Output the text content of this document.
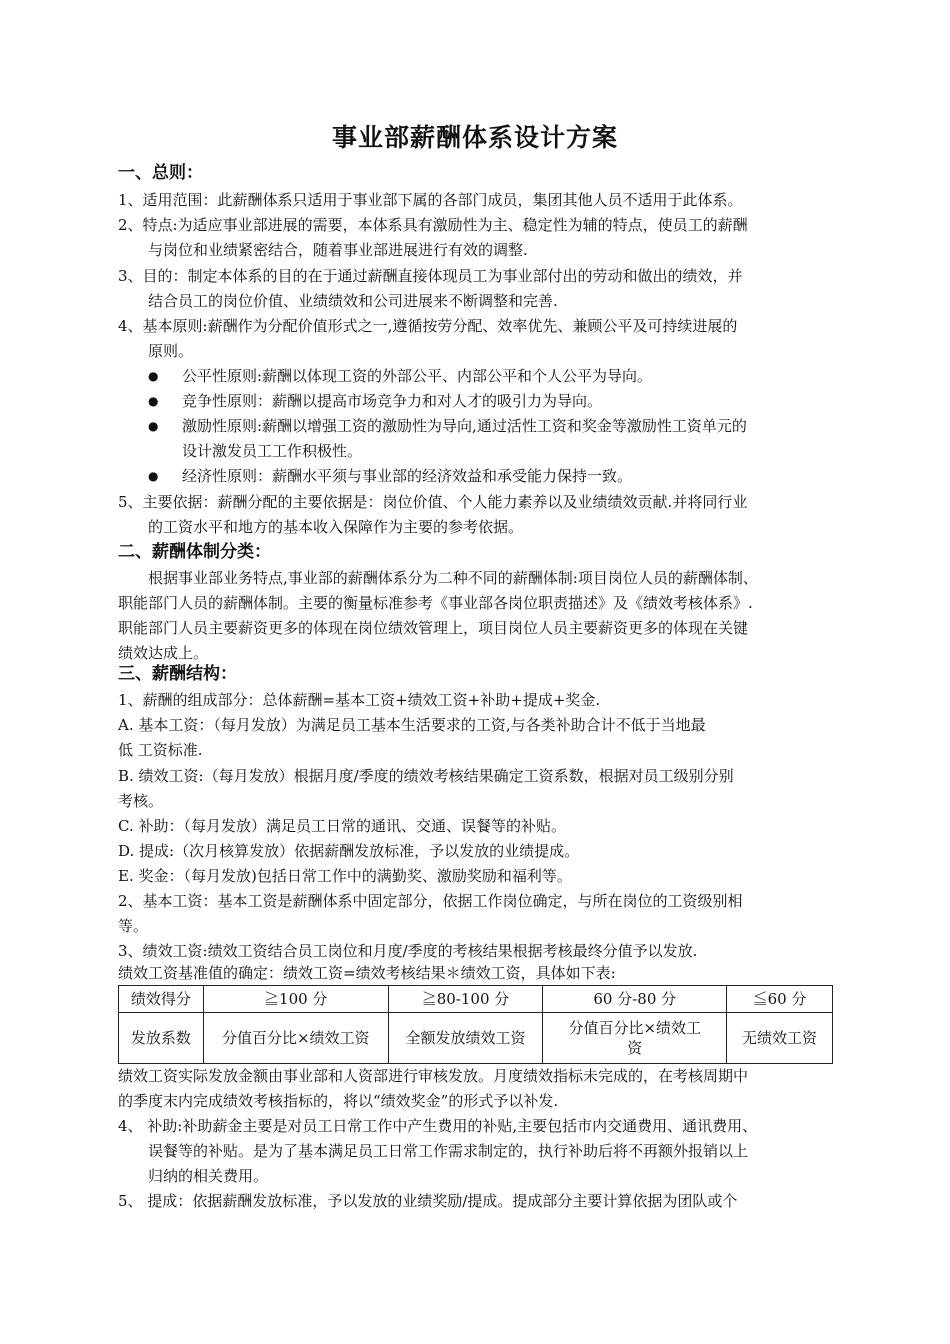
事业部薪酬体系设计方案
一、总则：
1、适用范围：此薪酬体系只适用于事业部下属的各部门成员，集团其他人员不适用于此体系。
2、特点:为适应事业部进展的需要，本体系具有激励性为主、稳定性为辅的特点，使员工的薪酬
与岗位和业绩紧密结合，随着事业部进展进行有效的调整.
3、目的：制定本体系的目的在于通过薪酬直接体现员工为事业部付出的劳动和做出的绩效，并
结合员工的岗位价值、业绩绩效和公司进展来不断调整和完善.
4、基本原则:薪酬作为分配价值形式之一,遵循按劳分配、效率优先、兼顾公平及可持续进展的
原则。
● 公平性原则:薪酬以体现工资的外部公平、内部公平和个人公平为导向。
● 竞争性原则：薪酬以提高市场竞争力和对人才的吸引力为导向。
● 激励性原则:薪酬以增强工资的激励性为导向,通过活性工资和奖金等激励性工资单元的
设计激发员工工作积极性。
● 经济性原则：薪酬水平须与事业部的经济效益和承受能力保持一致。
5、主要依据：薪酬分配的主要依据是：岗位价值、个人能力素养以及业绩绩效贡献.并将同行业
的工资水平和地方的基本收入保障作为主要的参考依据。
二、薪酬体制分类：
根据事业部业务特点,事业部的薪酬体系分为二种不同的薪酬体制:项目岗位人员的薪酬体制、
职能部门人员的薪酬体制。主要的衡量标准参考《事业部各岗位职责描述》及《绩效考核体系》.
职能部门人员主要薪资更多的体现在岗位绩效管理上，项目岗位人员主要薪资更多的体现在关键
绩效达成上。
三、薪酬结构：
1、薪酬的组成部分：总体薪酬=基本工资+绩效工资+补助+提成+奖金.
A. 基本工资：（每月发放）为满足员工基本生活要求的工资,与各类补助合计不低于当地最
低 工资标准.
B. 绩效工资:（每月发放）根据月度/季度的绩效考核结果确定工资系数，根据对员工级别分别
考核。
C. 补助：（每月发放）满足员工日常的通讯、交通、误餐等的补贴。
D. 提成:（次月核算发放）依据薪酬发放标准，予以发放的业绩提成。
E. 奖金：（每月发放)包括日常工作中的满勤奖、激励奖励和福利等。
2、基本工资：基本工资是薪酬体系中固定部分，依据工作岗位确定，与所在岗位的工资级别相
等。
3、绩效工资:绩效工资结合员工岗位和月度/季度的考核结果根据考核最终分值予以发放.
绩效工资基准值的确定：绩效工资=绩效考核结果＊绩效工资，具体如下表:
绩效得分	≧100 分	≧80-100 分	60 分-80 分	≦60 分
发放系数	分值百分比×绩效工资	全额发放绩效工资	分值百分比×绩效工
资	无绩效工资
绩效工资实际发放金额由事业部和人资部进行审核发放。月度绩效指标未完成的，在考核周期中
的季度末内完成绩效考核指标的，将以“绩效奖金”的形式予以补发.
4、 补助:补助薪金主要是对员工日常工作中产生费用的补贴,主要包括市内交通费用、通讯费用、
误餐等的补贴。是为了基本满足员工日常工作需求制定的，执行补助后将不再额外报销以上
归纳的相关费用。
5、 提成：依据薪酬发放标准，予以发放的业绩奖励/提成。提成部分主要计算依据为团队或个
